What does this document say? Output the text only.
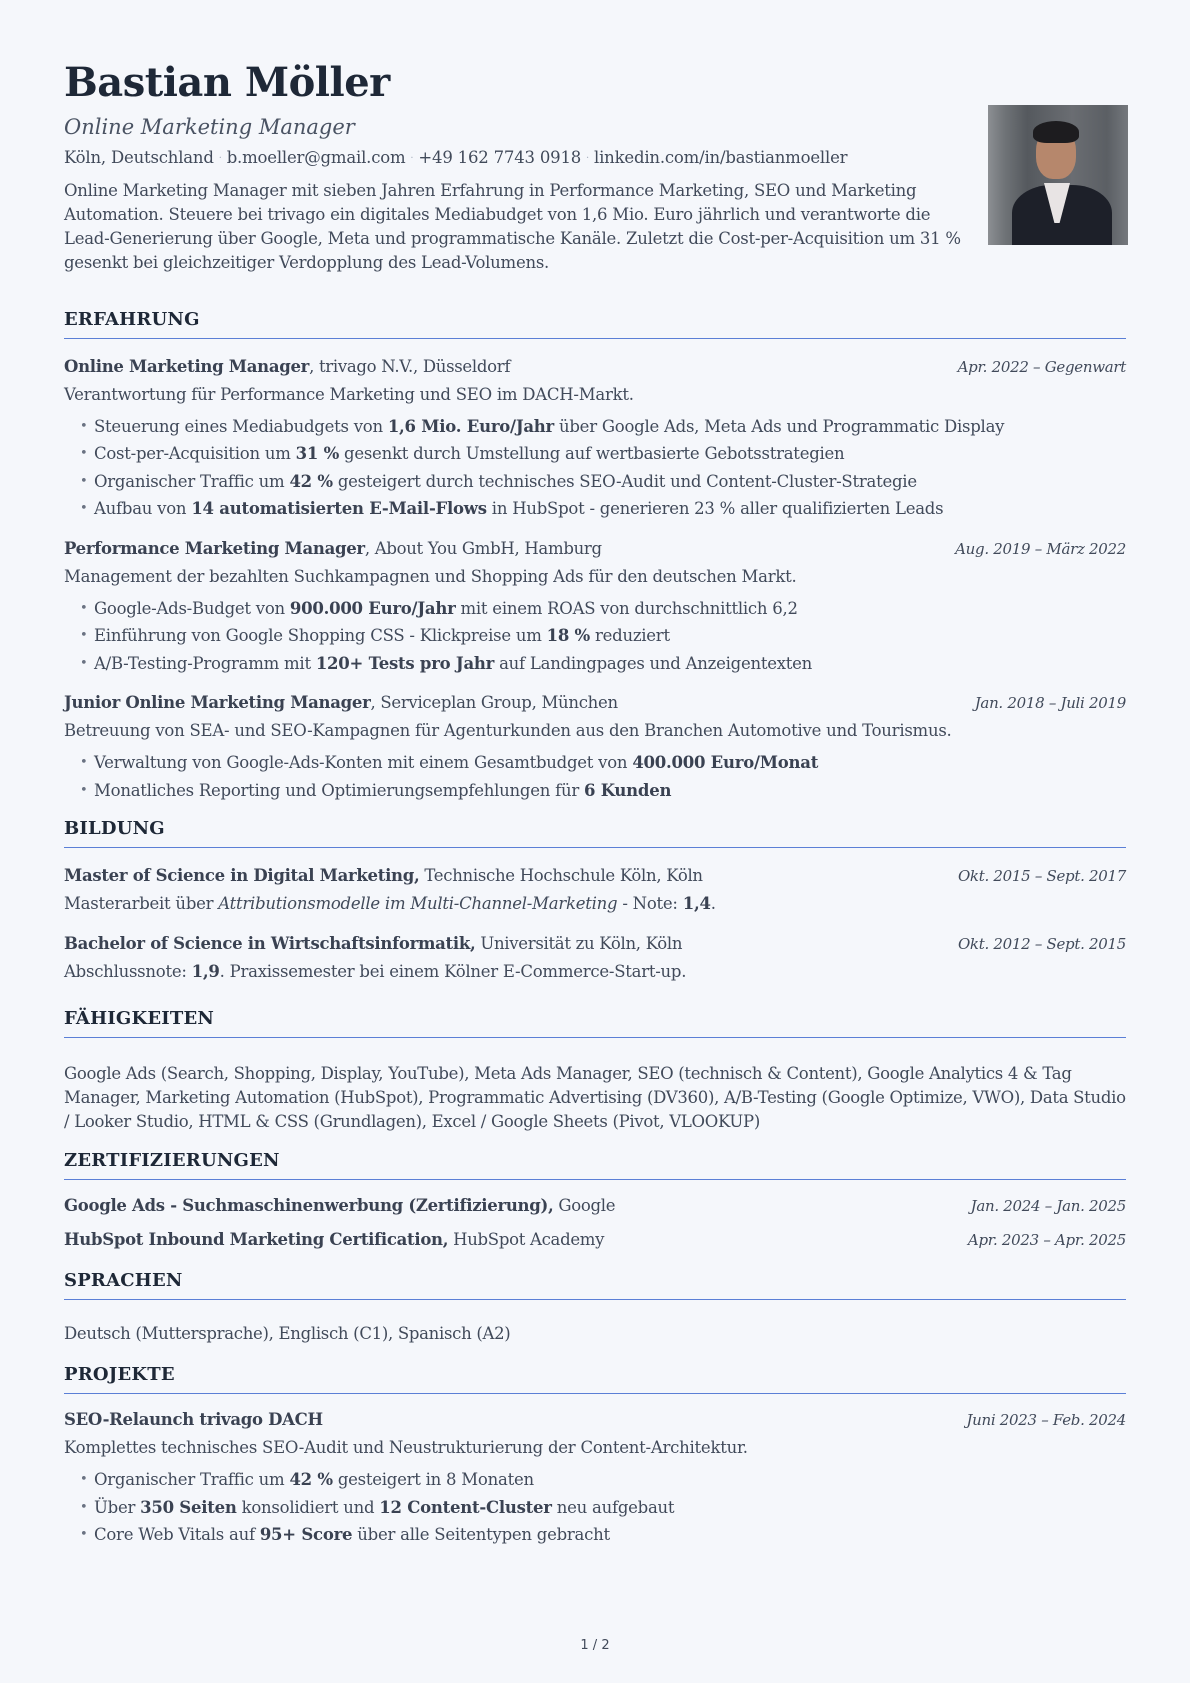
Bastian Möller
Online Marketing Manager
Köln, Deutschland · b.moeller@gmail.com · +49 162 7743 0918 · linkedin.com/in/bastianmoeller
Online Marketing Manager mit sieben Jahren Erfahrung in Performance Marketing, SEO und Marketing Automation. Steuere bei trivago ein digitales Mediabudget von 1,6 Mio. Euro jährlich und verantworte die Lead-Generierung über Google, Meta und programmatische Kanäle. Zuletzt die Cost-per-Acquisition um 31 % gesenkt bei gleichzeitiger Verdopplung des Lead-Volumens.
ERFAHRUNG
Online Marketing Manager, trivago N.V., Düsseldorf	Apr. 2022 – Gegenwart
Verantwortung für Performance Marketing und SEO im DACH-Markt.
• Steuerung eines Mediabudgets von 1,6 Mio. Euro/Jahr über Google Ads, Meta Ads und Programmatic Display
• Cost-per-Acquisition um 31 % gesenkt durch Umstellung auf wertbasierte Gebotsstrategien
• Organischer Traffic um 42 % gesteigert durch technisches SEO-Audit und Content-Cluster-Strategie
• Aufbau von 14 automatisierten E-Mail-Flows in HubSpot - generieren 23 % aller qualifizierten Leads
Performance Marketing Manager, About You GmbH, Hamburg	Aug. 2019 – März 2022
Management der bezahlten Suchkampagnen und Shopping Ads für den deutschen Markt.
• Google-Ads-Budget von 900.000 Euro/Jahr mit einem ROAS von durchschnittlich 6,2
• Einführung von Google Shopping CSS - Klickpreise um 18 % reduziert
• A/B-Testing-Programm mit 120+ Tests pro Jahr auf Landingpages und Anzeigentexten
Junior Online Marketing Manager, Serviceplan Group, München	Jan. 2018 – Juli 2019
Betreuung von SEA- und SEO-Kampagnen für Agenturkunden aus den Branchen Automotive und Tourismus.
• Verwaltung von Google-Ads-Konten mit einem Gesamtbudget von 400.000 Euro/Monat
• Monatliches Reporting und Optimierungsempfehlungen für 6 Kunden
BILDUNG
Master of Science in Digital Marketing, Technische Hochschule Köln, Köln	Okt. 2015 – Sept. 2017
Masterarbeit über Attributionsmodelle im Multi-Channel-Marketing - Note: 1,4.
Bachelor of Science in Wirtschaftsinformatik, Universität zu Köln, Köln	Okt. 2012 – Sept. 2015
Abschlussnote: 1,9. Praxissemester bei einem Kölner E-Commerce-Start-up.
FÄHIGKEITEN
Google Ads (Search, Shopping, Display, YouTube), Meta Ads Manager, SEO (technisch & Content), Google Analytics 4 & Tag Manager, Marketing Automation (HubSpot), Programmatic Advertising (DV360), A/B-Testing (Google Optimize, VWO), Data Studio / Looker Studio, HTML & CSS (Grundlagen), Excel / Google Sheets (Pivot, VLOOKUP)
ZERTIFIZIERUNGEN
Google Ads - Suchmaschinenwerbung (Zertifizierung), Google	Jan. 2024 – Jan. 2025
HubSpot Inbound Marketing Certification, HubSpot Academy	Apr. 2023 – Apr. 2025
SPRACHEN
Deutsch (Muttersprache), Englisch (C1), Spanisch (A2)
PROJEKTE
SEO-Relaunch trivago DACH	Juni 2023 – Feb. 2024
Komplettes technisches SEO-Audit und Neustrukturierung der Content-Architektur.
• Organischer Traffic um 42 % gesteigert in 8 Monaten
• Über 350 Seiten konsolidiert und 12 Content-Cluster neu aufgebaut
• Core Web Vitals auf 95+ Score über alle Seitentypen gebracht
1 / 2
